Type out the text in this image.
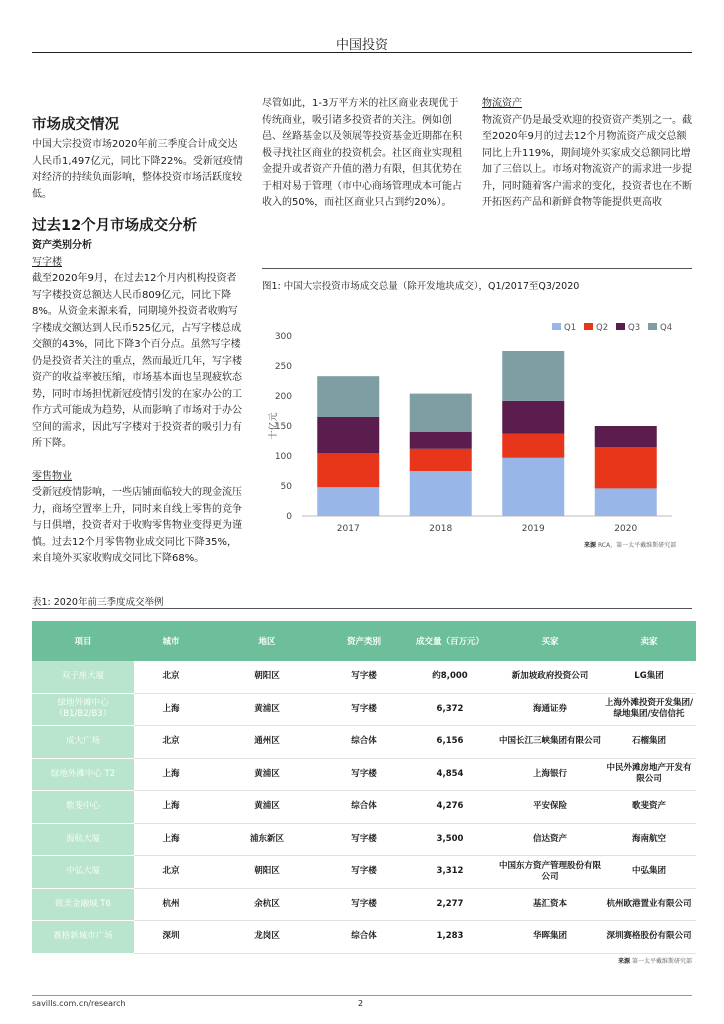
中国投资
市场成交情况

中国大宗投资市场2020年前三季度合计成交达人民币1,497亿元，同比下降22%。受新冠疫情对经济的持续负面影响，整体投资市场活跃度较低。

过去12个月市场成交分析
资产类别分析
写字楼

截至2020年9月，在过去12个月内机构投资者写字楼投资总额达人民币809亿元，同比下降8%。从资金来源来看，同期境外投资者收购写字楼成交额达到人民币525亿元，占写字楼总成交额的43%，同比下降3个百分点。虽然写字楼仍是投资者关注的重点，然而最近几年，写字楼资产的收益率被压缩，市场基本面也呈现疲软态势，同时市场担忧新冠疫情引发的在家办公的工作方式可能成为趋势，从而影响了市场对于办公空间的需求，因此写字楼对于投资者的吸引力有所下降。

零售物业

受新冠疫情影响，一些店铺面临较大的现金流压力，商场空置率上升，同时来自线上零售的竞争与日俱增，投资者对于收购零售物业变得更为谨慎。过去12个月零售物业成交同比下降35%，来自境外买家收购成交同比下降68%。

尽管如此，1-3万平方米的社区商业表现优于传统商业，吸引诸多投资者的关注。例如创邑、丝路基金以及领展等投资基金近期都在积极寻找社区商业的投资机会。社区商业实现租金提升或者资产升值的潜力有限，但其优势在于相对易于管理（市中心商场管理成本可能占收入的50%，而社区商业只占到约20%）。

物流资产

物流资产仍是最受欢迎的投资资产类别之一。截至2020年9月的过去12个月物流资产成交总额同比上升119%，期间境外买家成交总额同比增加了三倍以上。市场对物流资产的需求进一步提升，同时随着客户需求的变化，投资者也在不断开拓医药产品和新鲜食物等能提供更高收

图1: 中国大宗投资市场成交总量（除开发地块成交），Q1/2017至Q3/2020
0
50
100
150
200
250
300
十亿元
2017	2018	2019	2020
Q1 Q2 Q3 Q4
来源 RCA，第一太平戴维斯研究部
表1: 2020年前三季度成交举例
项目	城市	地区	资产类别	成交量（百万元）	买家	卖家
双子座大厦	北京	朝阳区	写字楼	约8,000	新加坡政府投资公司	LG集团
绿地外滩中心（B1/B2/B3）	上海	黄浦区	写字楼	6,372	海通证券	上海外滩投资开发集团/绿地集团/安信信托
成大广场	北京	通州区	综合体	6,156	中国长江三峡集团有限公司	石榴集团
绿地外滩中心 T2	上海	黄浦区	写字楼	4,854	上海银行	中民外滩房地产开发有限公司
歌斐中心	上海	黄浦区	综合体	4,276	平安保险	歌斐资产
海航大厦	上海	浦东新区	写字楼	3,500	信达资产	海南航空
中弘大厦	北京	朝阳区	写字楼	3,312	中国东方资产管理股份有限公司	中弘集团
欧美金融城 T6	杭州	余杭区	写字楼	2,277	基汇资本	杭州欧港置业有限公司
赛格新城市广场	深圳	龙岗区	综合体	1,283	华晖集团	深圳赛格股份有限公司
来源 第一太平戴维斯研究部
savills.com.cn/research	2
